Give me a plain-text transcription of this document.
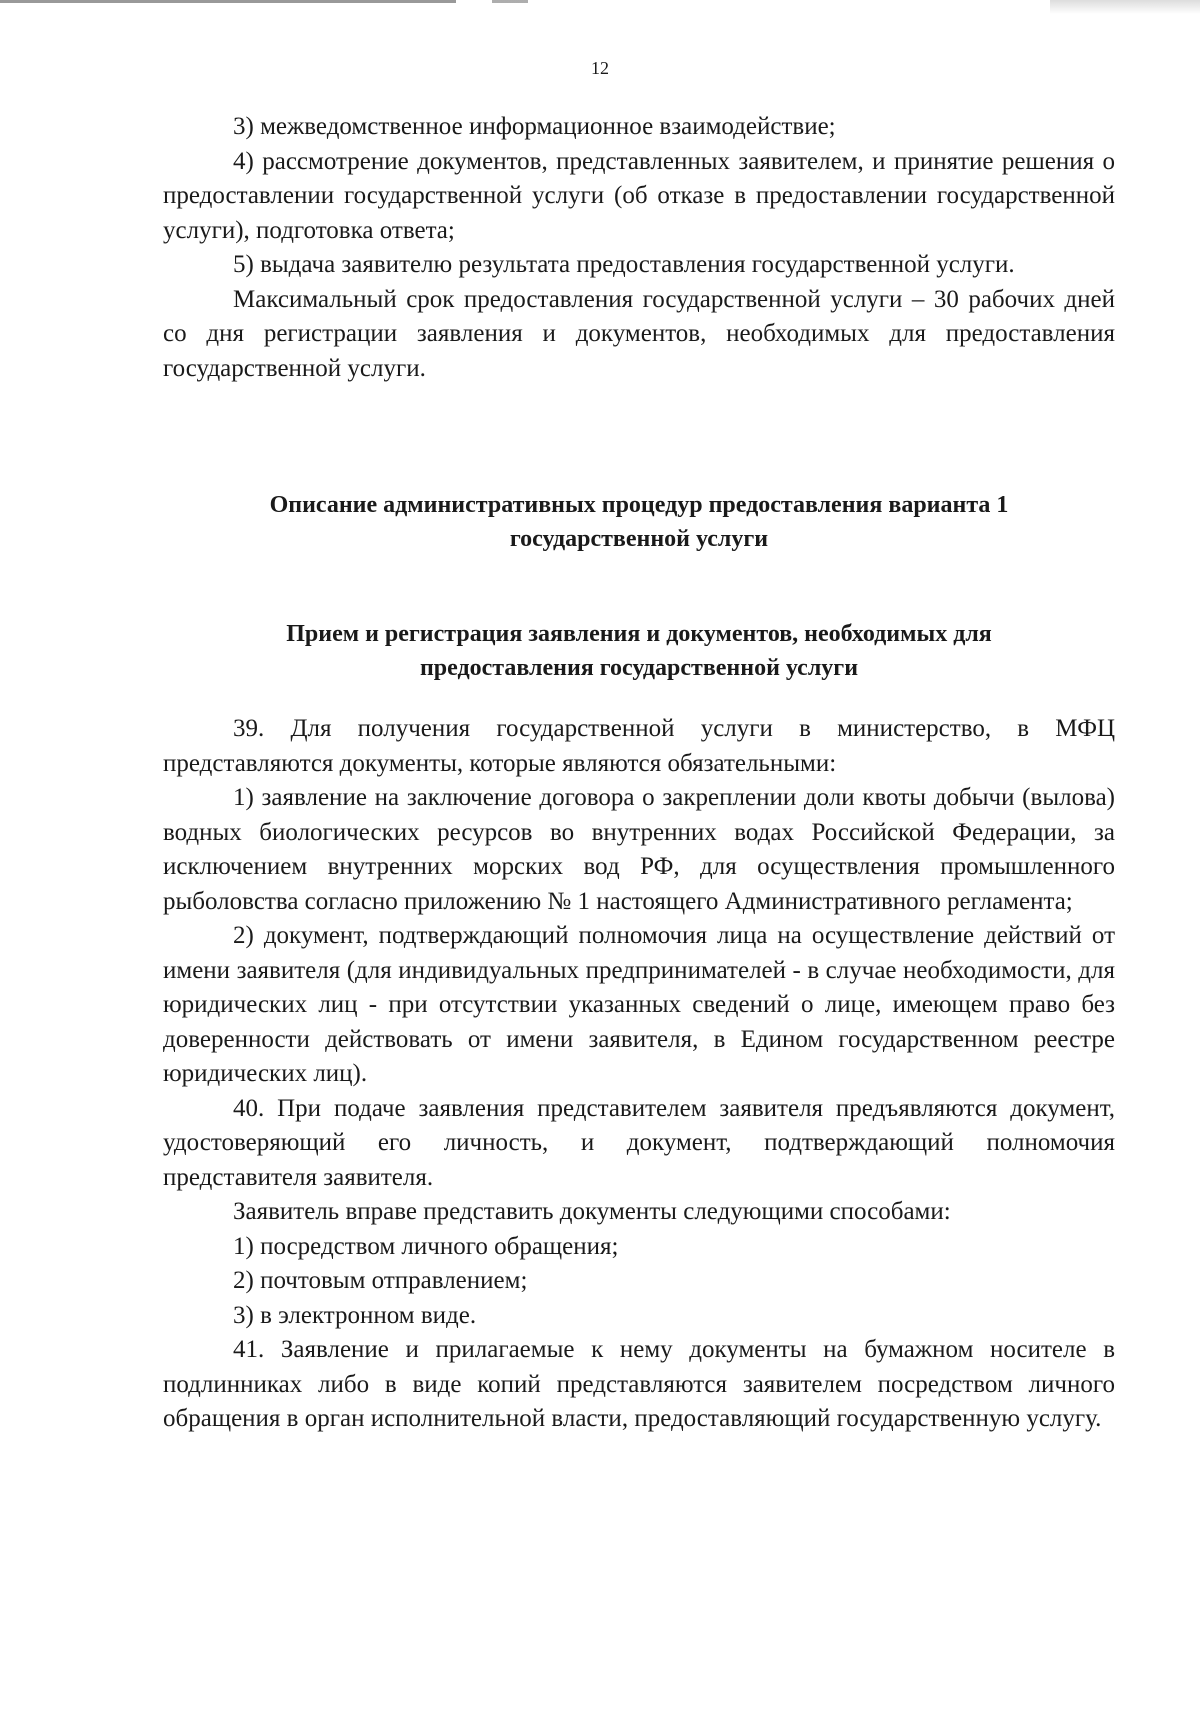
12

3) межведомственное информационное взаимодействие;

4) рассмотрение документов, представленных заявителем, и принятие решения о предоставлении государственной услуги (об отказе в предоставлении государственной услуги), подготовка ответа;

5) выдача заявителю результата предоставления государственной услуги.

Максимальный срок предоставления государственной услуги – 30 рабочих дней со дня регистрации заявления и документов, необходимых для предоставления государственной услуги.

Описание административных процедур предоставления варианта 1
государственной услуги
Прием и регистрация заявления и документов, необходимых для
предоставления государственной услуги

39. Для получения государственной услуги в министерство, в МФЦ представляются документы, которые являются обязательными:

1) заявление на заключение договора о закреплении доли квоты добычи (вылова) водных биологических ресурсов во внутренних водах Российской Федерации, за исключением внутренних морских вод РФ, для осуществления промышленного рыболовства согласно приложению № 1 настоящего Административного регламента;

2) документ, подтверждающий полномочия лица на осуществление действий от имени заявителя (для индивидуальных предпринимателей - в случае необходимости, для юридических лиц - при отсутствии указанных сведений о лице, имеющем право без доверенности действовать от имени заявителя, в Едином государственном реестре юридических лиц).

40. При подаче заявления представителем заявителя предъявляются документ, удостоверяющий его личность, и документ, подтверждающий полномочия представителя заявителя.

Заявитель вправе представить документы следующими способами:

1) посредством личного обращения;

2) почтовым отправлением;

3) в электронном виде.

41. Заявление и прилагаемые к нему документы на бумажном носителе в подлинниках либо в виде копий представляются заявителем посредством личного обращения в орган исполнительной власти, предоставляющий государственную услугу.
